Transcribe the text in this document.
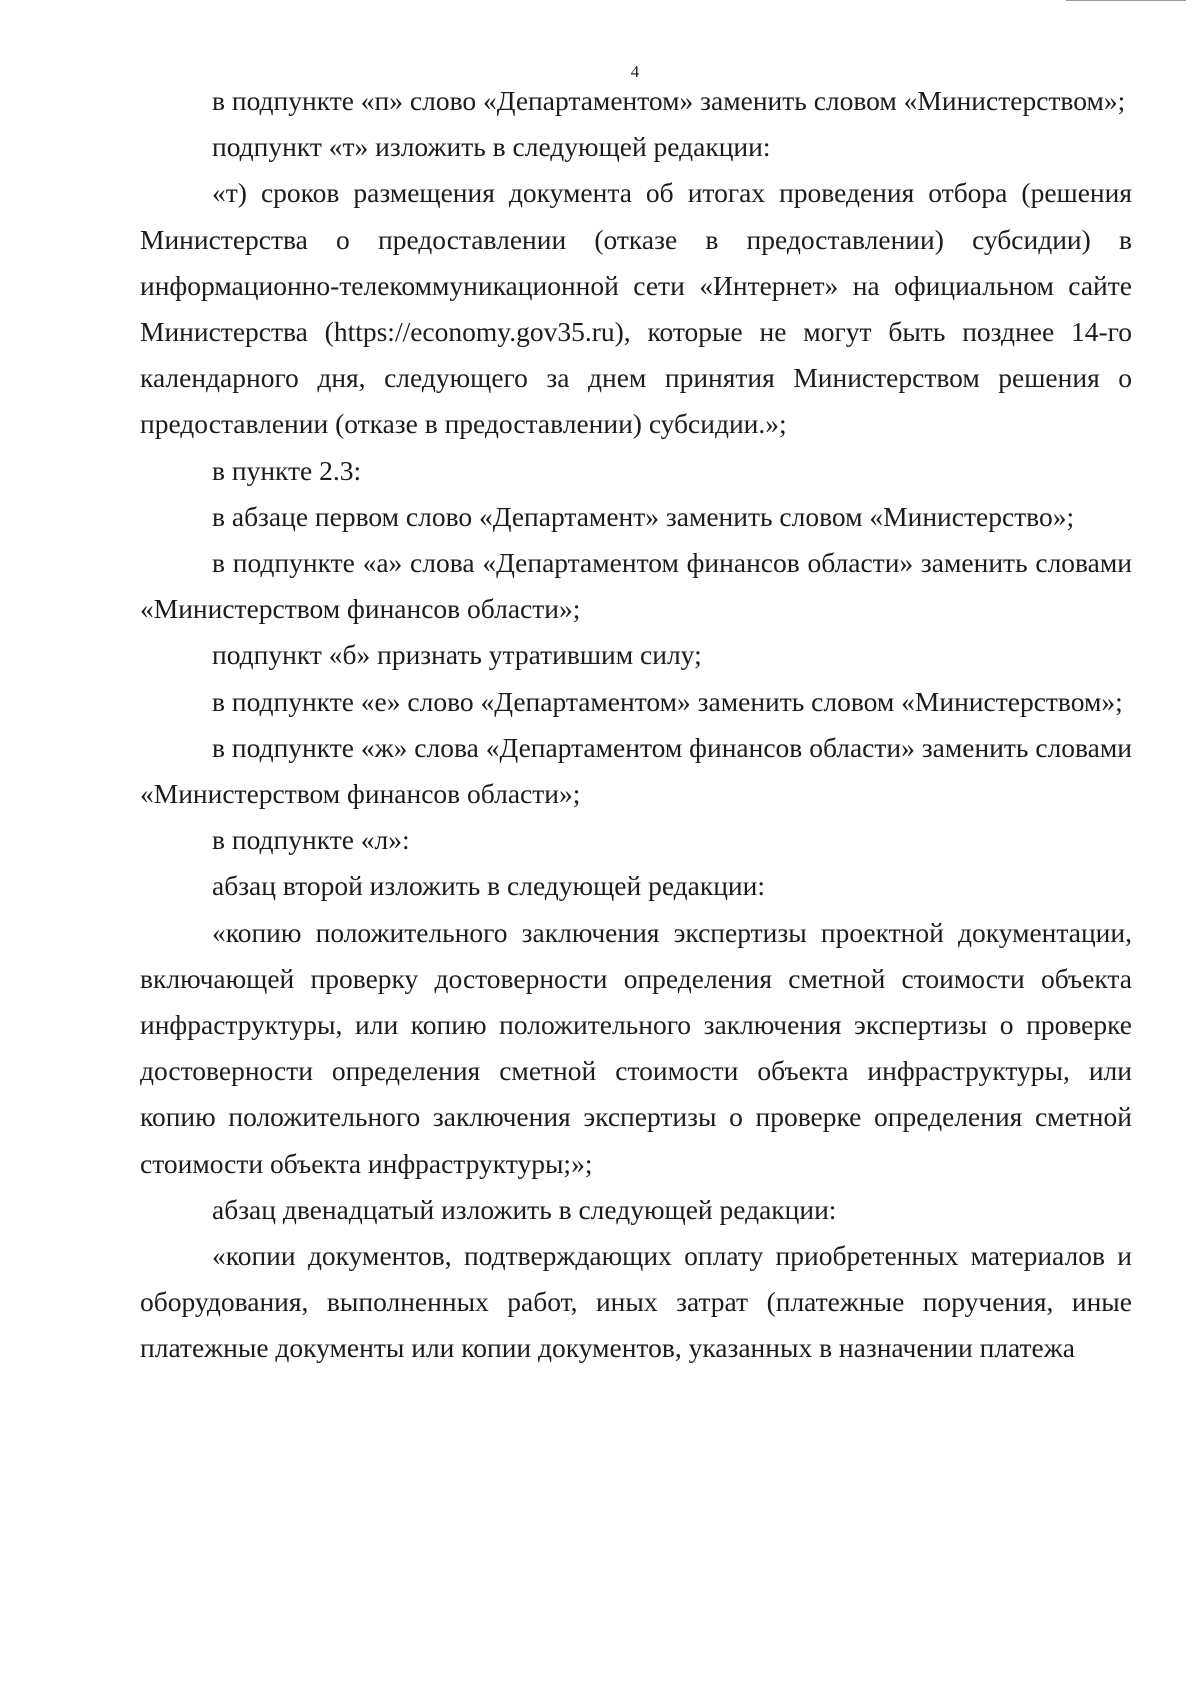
4

в подпункте «п» слово «Департаментом» заменить словом «Министерством»;

подпункт «т» изложить в следующей редакции:

«т) сроков размещения документа об итогах проведения отбора (решения Министерства о предоставлении (отказе в предоставлении) субсидии) в информационно-телекоммуникационной сети «Интернет» на официальном сайте Министерства (https://economy.gov35.ru), которые не могут быть позднее 14-го календарного дня, следующего за днем принятия Министерством решения о предоставлении (отказе в предоставлении) субсидии.»;

в пункте 2.3:

в абзаце первом слово «Департамент» заменить словом «Министерство»;

в подпункте «а» слова «Департаментом финансов области» заменить словами «Министерством финансов области»;

подпункт «б» признать утратившим силу;

в подпункте «е» слово «Департаментом» заменить словом «Министерством»;

в подпункте «ж» слова «Департаментом финансов области» заменить словами «Министерством финансов области»;

в подпункте «л»:

абзац второй изложить в следующей редакции:

«копию положительного заключения экспертизы проектной документации, включающей проверку достоверности определения сметной стоимости объекта инфраструктуры, или копию положительного заключения экспертизы о проверке достоверности определения сметной стоимости объекта инфраструктуры, или копию положительного заключения экспертизы о проверке определения сметной стоимости объекта инфраструктуры;»;

абзац двенадцатый изложить в следующей редакции:

«копии документов, подтверждающих оплату приобретенных материалов и оборудования, выполненных работ, иных затрат (платежные поручения, иные платежные документы или копии документов, указанных в назначении платежа
